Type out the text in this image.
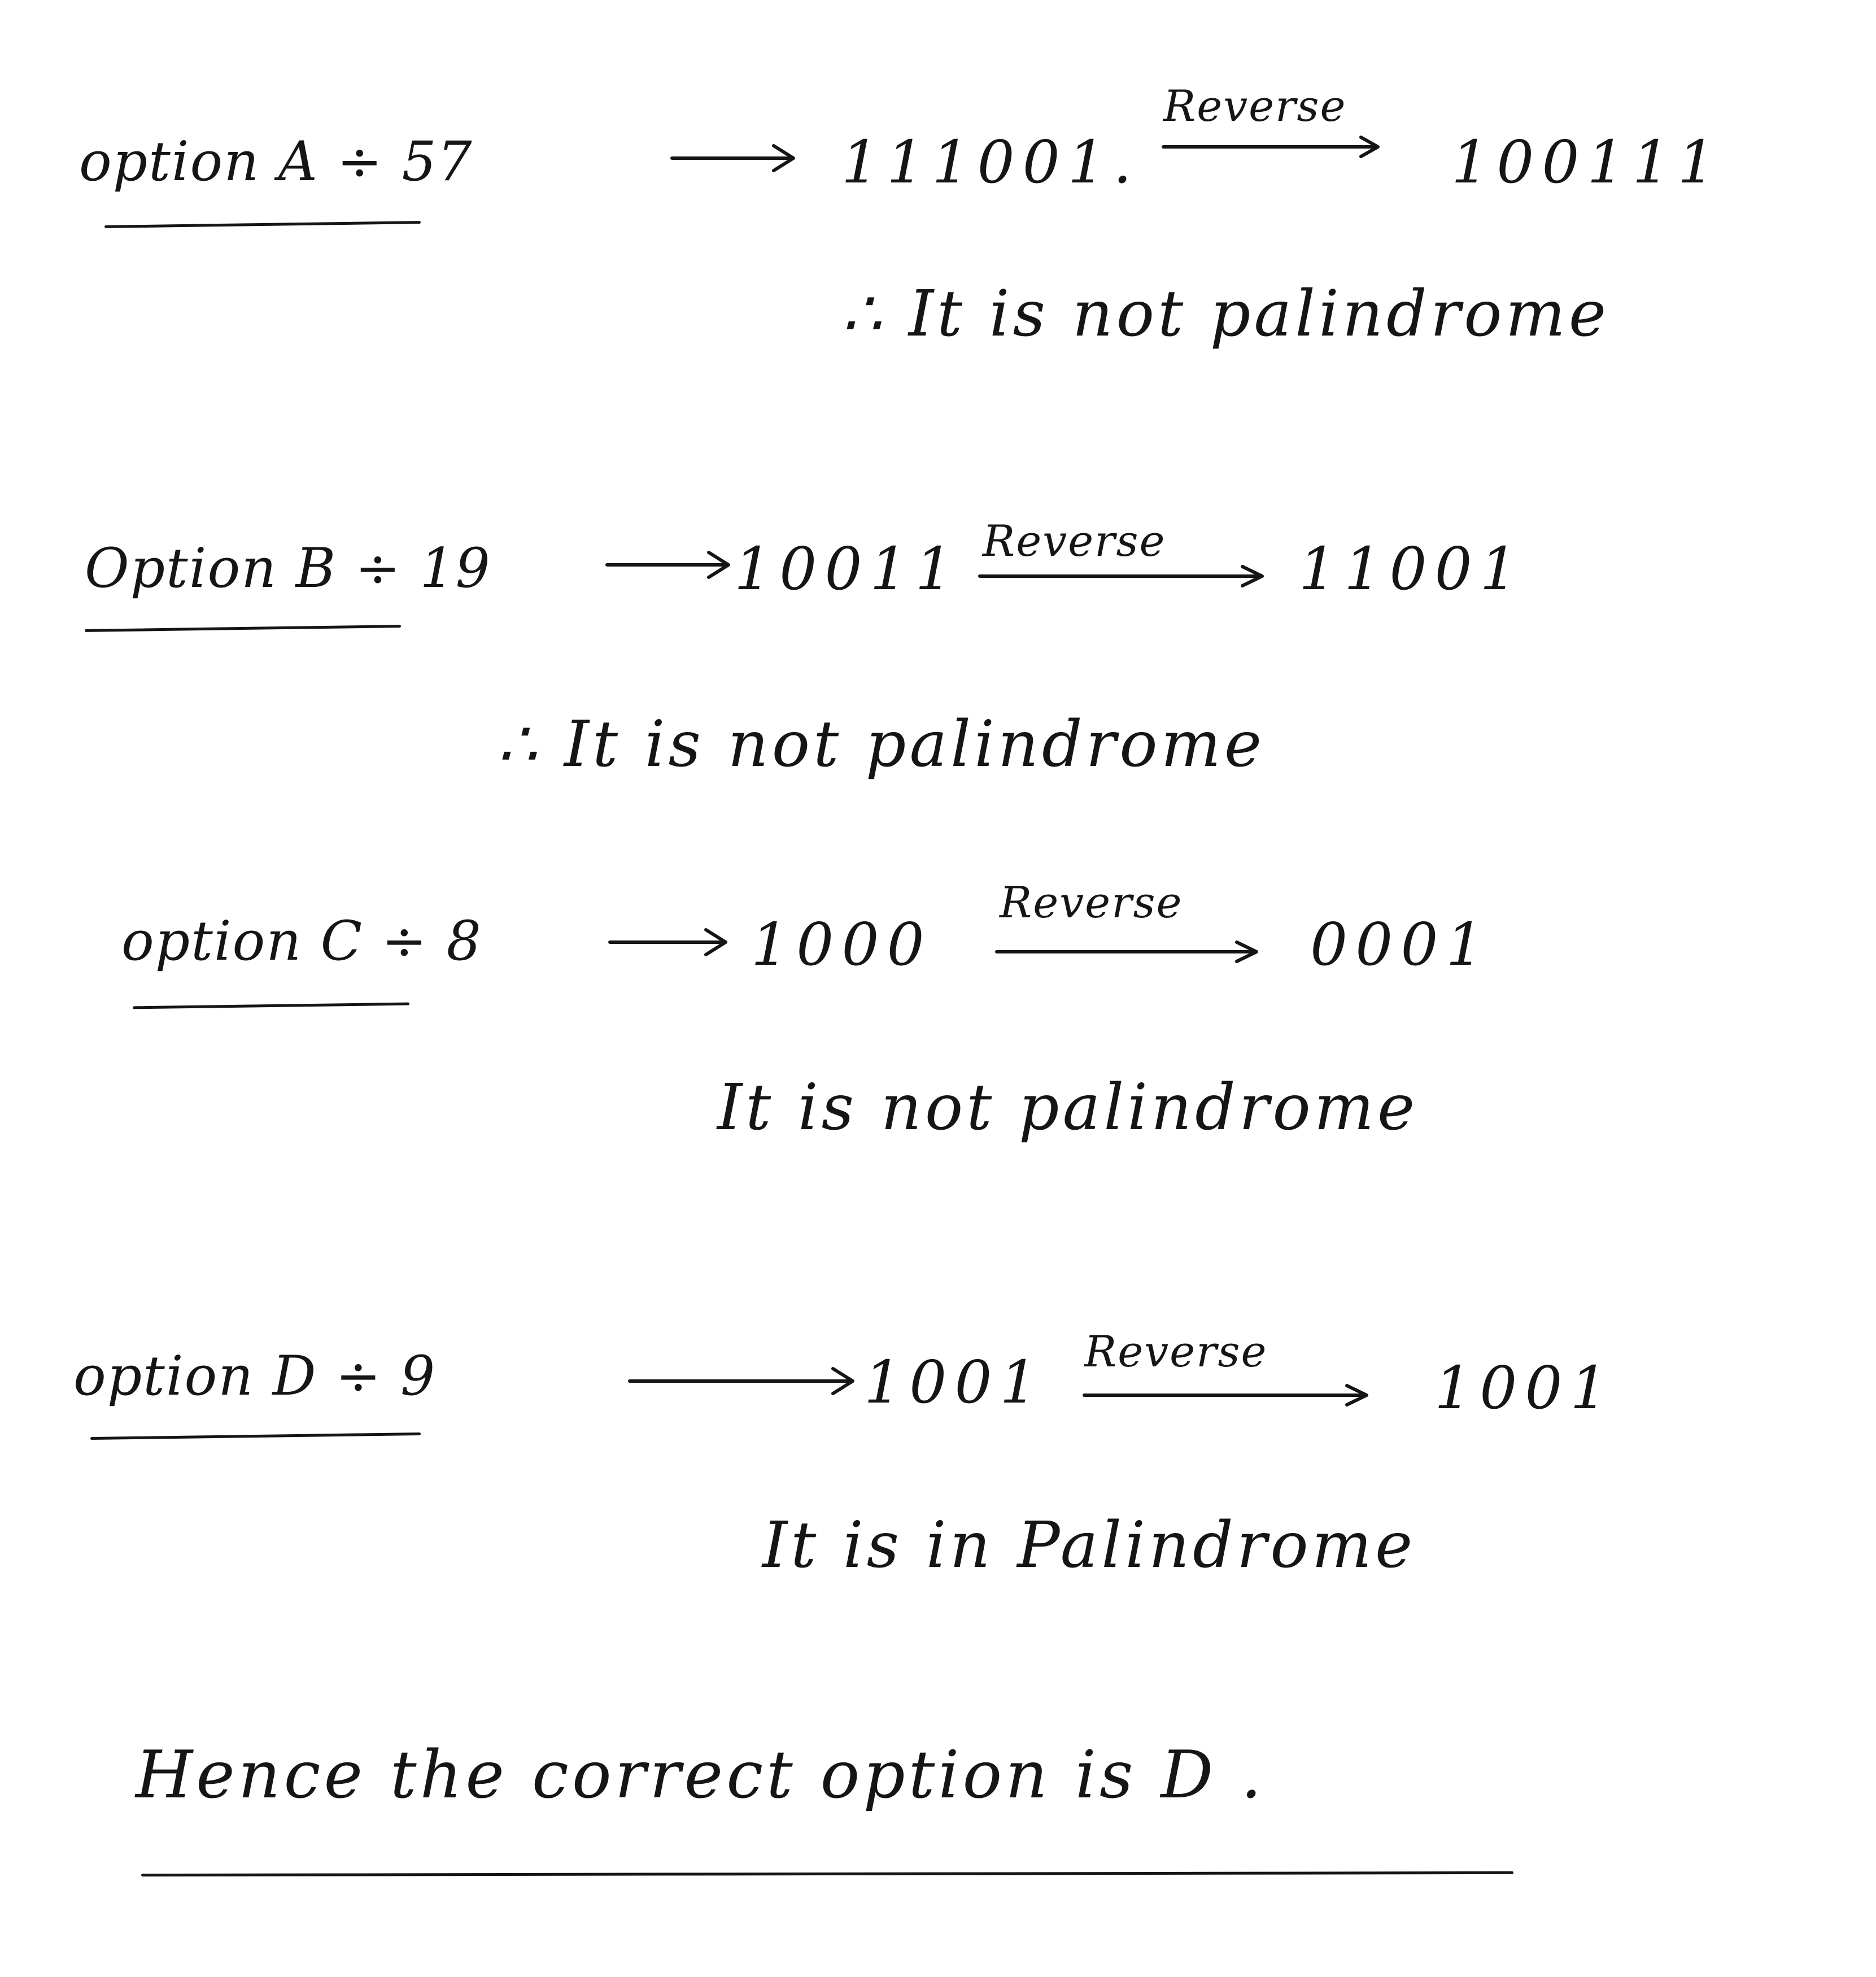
option A ÷ 57	111001.
Reverse
100111
∴ It is not palindrome
Option B ÷ 19	10011 Reverse 11001
∴ It is not palindrome
option C ÷ 8	1000
Reverse
0001
It is not palindrome
option D ÷ 9	1001 Reverse
1001
It is in Palindrome
Hence the correct option is D .
